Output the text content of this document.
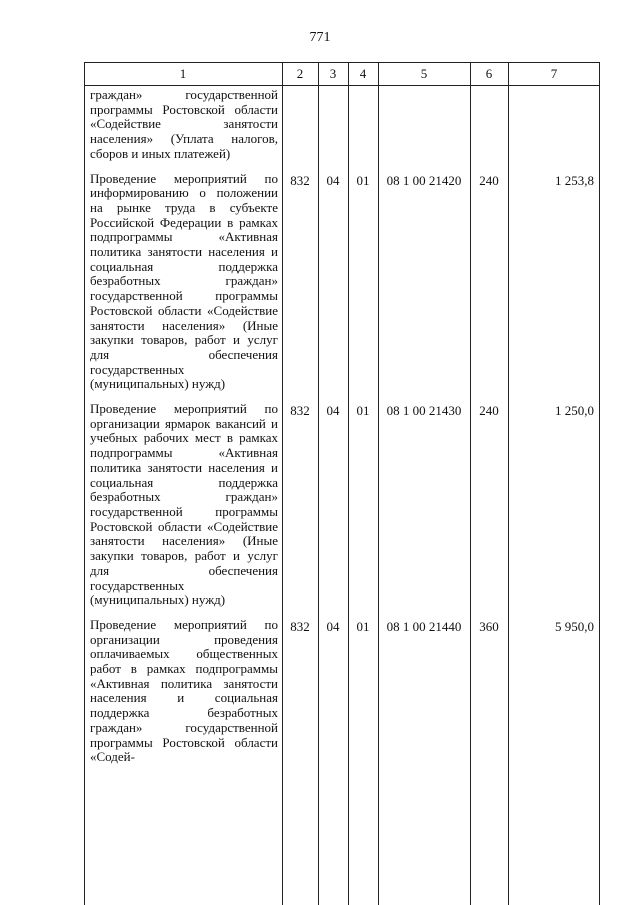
771
1	2	3	4	5	6	7
граждан» государственной программы Ростовской области «Содействие занятости населения» (Уплата налогов, сборов и иных платежей)						
Проведение мероприятий по информированию о положении на рынке труда в субъекте Российской Федерации в рамках подпрограммы «Активная политика занятости населения и социальная поддержка безработных граждан» государственной программы Ростовской области «Содействие занятости населения» (Иные закупки товаров, работ и услуг для обеспечения государственных (муниципальных) нужд)	832	04	01	08 1 00 21420	240	1 253,8
Проведение мероприятий по организации ярмарок вакансий и учебных рабочих мест в рамках подпрограммы «Активная политика занятости населения и социальная поддержка безработных граждан» государственной программы Ростовской области «Содействие занятости населения» (Иные закупки товаров, работ и услуг для обеспечения государственных (муниципальных) нужд)	832	04	01	08 1 00 21430	240	1 250,0
Проведение мероприятий по организации проведения оплачиваемых общественных работ в рамках подпрограммы «Активная политика занятости населения и социальная поддержка безработных граждан» государственной программы Ростовской области «Содей-	832	04	01	08 1 00 21440	360	5 950,0
